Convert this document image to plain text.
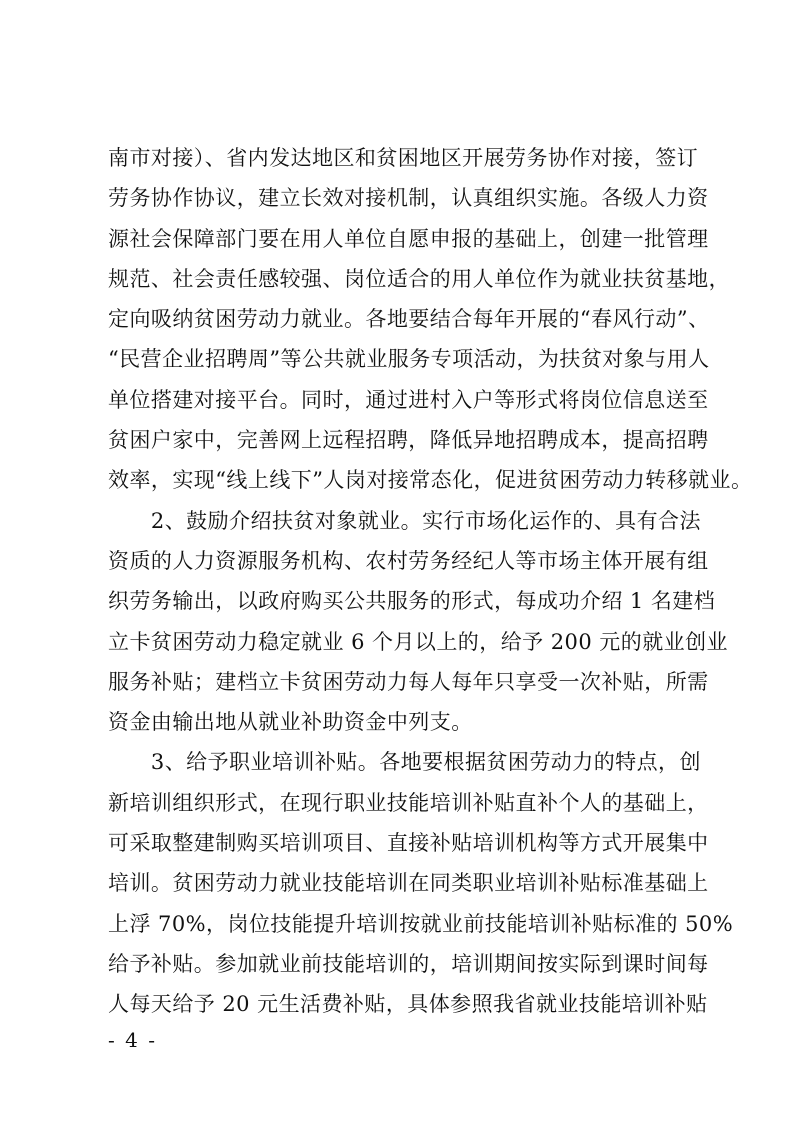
南市对接）、省内发达地区和贫困地区开展劳务协作对接，签订
劳务协作协议，建立长效对接机制，认真组织实施。各级人力资
源社会保障部门要在用人单位自愿申报的基础上，创建一批管理
规范、社会责任感较强、岗位适合的用人单位作为就业扶贫基地，
定向吸纳贫困劳动力就业。各地要结合每年开展的“春风行动”、
“民营企业招聘周”等公共就业服务专项活动，为扶贫对象与用人
单位搭建对接平台。同时，通过进村入户等形式将岗位信息送至
贫困户家中，完善网上远程招聘，降低异地招聘成本，提高招聘
效率，实现“线上线下”人岗对接常态化，促进贫困劳动力转移就业。
　　2、鼓励介绍扶贫对象就业。实行市场化运作的、具有合法
资质的人力资源服务机构、农村劳务经纪人等市场主体开展有组
织劳务输出，以政府购买公共服务的形式，每成功介绍 1 名建档
立卡贫困劳动力稳定就业 6 个月以上的，给予 200 元的就业创业
服务补贴；建档立卡贫困劳动力每人每年只享受一次补贴，所需
资金由输出地从就业补助资金中列支。
　　3、给予职业培训补贴。各地要根据贫困劳动力的特点，创
新培训组织形式，在现行职业技能培训补贴直补个人的基础上，
可采取整建制购买培训项目、直接补贴培训机构等方式开展集中
培训。贫困劳动力就业技能培训在同类职业培训补贴标准基础上
上浮 70%，岗位技能提升培训按就业前技能培训补贴标准的 50%
给予补贴。参加就业前技能培训的，培训期间按实际到课时间每
人每天给予 20 元生活费补贴，具体参照我省就业技能培训补贴
- 4 -
